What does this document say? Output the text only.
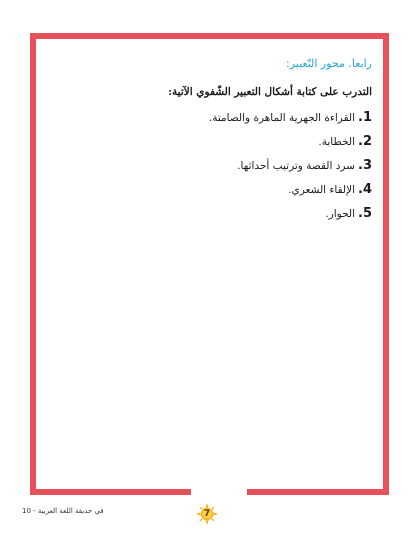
رابعا. محور التّعبير:

التدرب على كتابة أشكال التعبير الشّفوي الآتية:

1.القراءة الجهرية الماهرة والصامتة.
2.الخطابة.
3.سرد القصة وترتيب أحداثها.
4.الإلقاء الشعري.
5.الحوار.
7
في حديقة اللغة العربية - 10
